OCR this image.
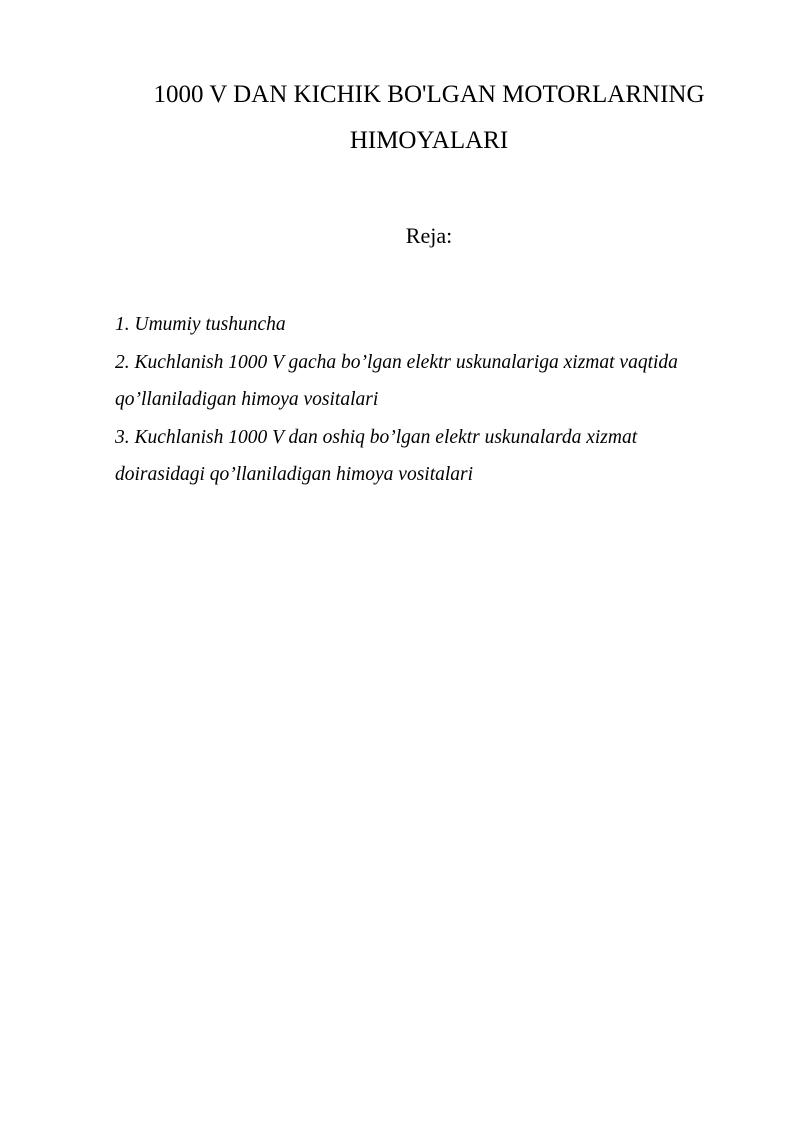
1000 V DAN KICHIK BO'LGAN MOTORLARNING
HIMOYALARI
Reja:
1. Umumiy tushuncha
2. Kuchlanish 1000 V gacha bo’lgan elektr uskunalariga xizmat vaqtida
qo’llaniladigan himoya vositalari
3. Kuchlanish 1000 V dan oshiq bo’lgan elektr uskunalarda xizmat
doirasidagi qo’llaniladigan himoya vositalari
